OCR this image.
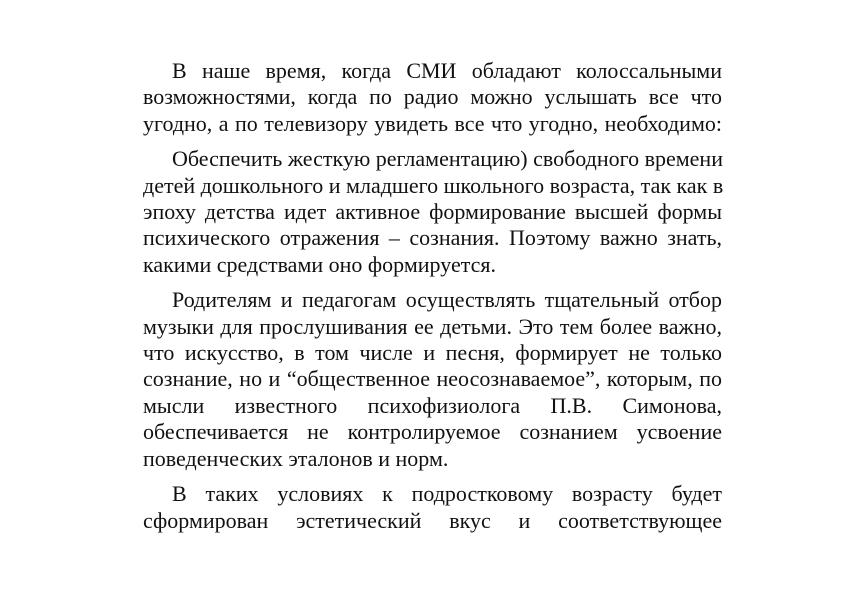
В наше время, когда СМИ обладают колоссальными
возможностями, когда по радио можно услышать все что
угодно, а по телевизору увидеть все что угодно, необходимо:
Обеспечить жесткую регламентацию) свободного времени
детей дошкольного и младшего школьного возраста, так как в
эпоху детства идет активное формирование высшей формы
психического отражения – сознания. Поэтому важно знать,
какими средствами оно формируется.
Родителям и педагогам осуществлять тщательный отбор
музыки для прослушивания ее детьми. Это тем более важно,
что искусство, в том числе и песня, формирует не только
сознание, но и “общественное неосознаваемое”, которым, по
мысли известного психофизиолога П.В. Симонова,
обеспечивается не контролируемое сознанием усвоение
поведенческих эталонов и норм.
В таких условиях к подростковому возрасту будет
сформирован эстетический вкус и соответствующее
